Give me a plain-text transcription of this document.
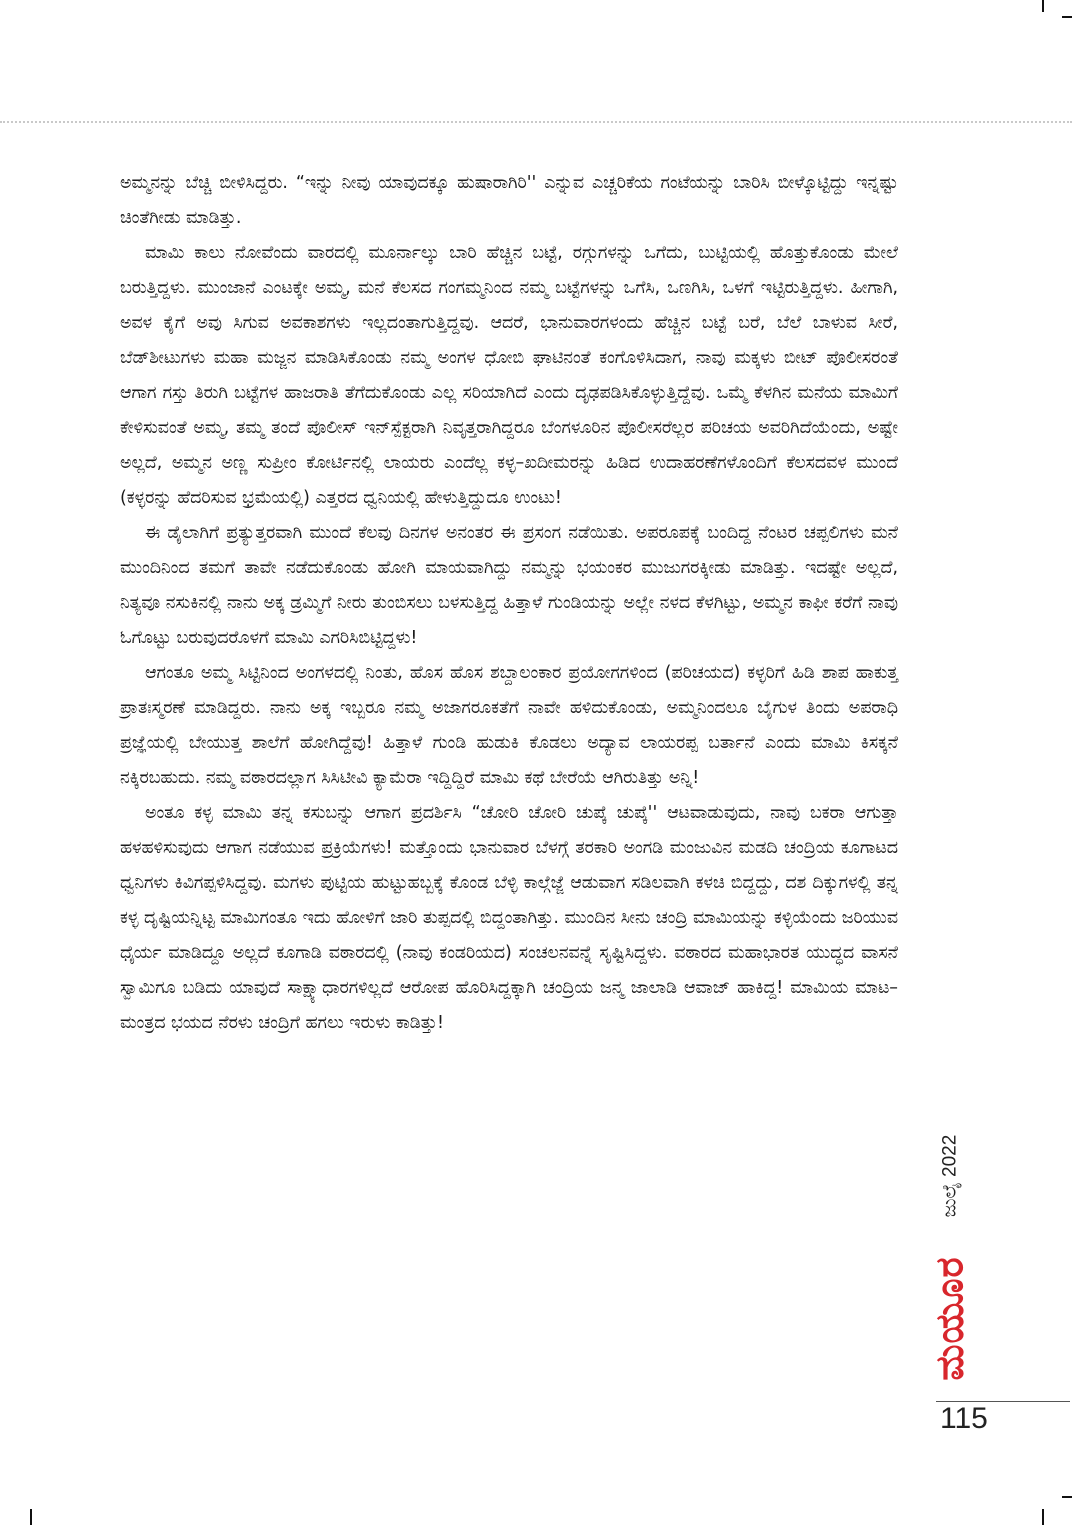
ಅಮ್ಮನನ್ನು ಬೆಚ್ಚಿ ಬೀಳಿಸಿದ್ದರು. “ಇನ್ನು ನೀವು ಯಾವುದಕ್ಕೂ ಹುಷಾರಾಗಿರಿ'' ಎನ್ನುವ ಎಚ್ಚರಿಕೆಯ ಗಂಟೆಯನ್ನು ಬಾರಿಸಿ ಬೀಳ್ಕೊಟ್ಟಿದ್ದು ಇನ್ನಷ್ಟು ಚಿಂತೆಗೀಡು ಮಾಡಿತ್ತು.

ಮಾಮಿ ಕಾಲು ನೋವೆಂದು ವಾರದಲ್ಲಿ ಮೂರ್ನಾಲ್ಕು ಬಾರಿ ಹೆಚ್ಚಿನ ಬಟ್ಟೆ, ರಗ್ಗುಗಳನ್ನು ಒಗೆದು, ಬುಟ್ಟಿಯಲ್ಲಿ ಹೊತ್ತುಕೊಂಡು ಮೇಲೆ ಬರುತ್ತಿದ್ದಳು. ಮುಂಜಾನೆ ಎಂಟಕ್ಕೇ ಅಮ್ಮ, ಮನೆ ಕೆಲಸದ ಗಂಗಮ್ಮನಿಂದ ನಮ್ಮ ಬಟ್ಟೆಗಳನ್ನು ಒಗೆಸಿ, ಒಣಗಿಸಿ, ಒಳಗೆ ಇಟ್ಟಿರುತ್ತಿದ್ದಳು. ಹೀಗಾಗಿ, ಅವಳ ಕೈಗೆ ಅವು ಸಿಗುವ ಅವಕಾಶಗಳು ಇಲ್ಲದಂತಾಗುತ್ತಿದ್ದವು. ಆದರೆ, ಭಾನುವಾರಗಳಂದು ಹೆಚ್ಚಿನ ಬಟ್ಟೆ ಬರೆ, ಬೆಲೆ ಬಾಳುವ ಸೀರೆ, ಬೆಡ್‌ಶೀಟುಗಳು ಮಹಾ ಮಜ್ಜನ ಮಾಡಿಸಿಕೊಂಡು ನಮ್ಮ ಅಂಗಳ ಧೋಬಿ ಘಾಟಿನಂತೆ ಕಂಗೊಳಿಸಿದಾಗ, ನಾವು ಮಕ್ಕಳು ಬೀಟ್ ಪೊಲೀಸರಂತೆ ಆಗಾಗ ಗಸ್ತು ತಿರುಗಿ ಬಟ್ಟೆಗಳ ಹಾಜರಾತಿ ತೆಗೆದುಕೊಂಡು ಎಲ್ಲ ಸರಿಯಾಗಿದೆ ಎಂದು ದೃಢಪಡಿಸಿಕೊಳ್ಳುತ್ತಿದ್ದೆವು. ಒಮ್ಮೆ ಕೆಳಗಿನ ಮನೆಯ ಮಾಮಿಗೆ ಕೇಳಿಸುವಂತೆ ಅಮ್ಮ, ತಮ್ಮ ತಂದೆ ಪೊಲೀಸ್ ಇನ್‌ಸ್ಪೆಕ್ಟರಾಗಿ ನಿವೃತ್ತರಾಗಿದ್ದರೂ ಬೆಂಗಳೂರಿನ ಪೊಲೀಸರೆಲ್ಲರ ಪರಿಚಯ ಅವರಿಗಿದೆಯೆಂದು, ಅಷ್ಟೇ ಅಲ್ಲದೆ, ಅಮ್ಮನ ಅಣ್ಣ ಸುಪ್ರೀಂ ಕೋರ್ಟಿನಲ್ಲಿ ಲಾಯರು ಎಂದೆಲ್ಲ ಕಳ್ಳ–ಖದೀಮರನ್ನು ಹಿಡಿದ ಉದಾಹರಣೆಗಳೊಂದಿಗೆ ಕೆಲಸದವಳ ಮುಂದೆ (ಕಳ್ಳರನ್ನು ಹೆದರಿಸುವ ಭ್ರಮೆಯಲ್ಲಿ) ಎತ್ತರದ ಧ್ವನಿಯಲ್ಲಿ ಹೇಳುತ್ತಿದ್ದುದೂ ಉಂಟು!

ಈ ಡೈಲಾಗಿಗೆ ಪ್ರತ್ಯುತ್ತರವಾಗಿ ಮುಂದೆ ಕೆಲವು ದಿನಗಳ ಅನಂತರ ಈ ಪ್ರಸಂಗ ನಡೆಯಿತು. ಅಪರೂಪಕ್ಕೆ ಬಂದಿದ್ದ ನೆಂಟರ ಚಪ್ಪಲಿಗಳು ಮನೆ ಮುಂದಿನಿಂದ ತಮಗೆ ತಾವೇ ನಡೆದುಕೊಂಡು ಹೋಗಿ ಮಾಯವಾಗಿದ್ದು ನಮ್ಮನ್ನು ಭಯಂಕರ ಮುಜುಗರಕ್ಕೀಡು ಮಾಡಿತ್ತು. ಇದಷ್ಟೇ ಅಲ್ಲದೆ, ನಿತ್ಯವೂ ನಸುಕಿನಲ್ಲಿ ನಾನು ಅಕ್ಕ ಡ್ರಮ್ಮಿಗೆ ನೀರು ತುಂಬಿಸಲು ಬಳಸುತ್ತಿದ್ದ ಹಿತ್ತಾಳೆ ಗುಂಡಿಯನ್ನು ಅಲ್ಲೇ ನಳದ ಕೆಳಗಿಟ್ಟು, ಅಮ್ಮನ ಕಾಫೀ ಕರೆಗೆ ನಾವು ಓಗೊಟ್ಟು ಬರುವುದರೊಳಗೆ ಮಾಮಿ ಎಗರಿಸಿಬಿಟ್ಟಿದ್ದಳು!

ಆಗಂತೂ ಅಮ್ಮ ಸಿಟ್ಟಿನಿಂದ ಅಂಗಳದಲ್ಲಿ ನಿಂತು, ಹೊಸ ಹೊಸ ಶಬ್ದಾಲಂಕಾರ ಪ್ರಯೋಗಗಳಿಂದ (ಪರಿಚಯದ) ಕಳ್ಳರಿಗೆ ಹಿಡಿ ಶಾಪ ಹಾಕುತ್ತ ಪ್ರಾತಃಸ್ಮರಣೆ ಮಾಡಿದ್ದರು. ನಾನು ಅಕ್ಕ ಇಬ್ಬರೂ ನಮ್ಮ ಅಜಾಗರೂಕತೆಗೆ ನಾವೇ ಹಳಿದುಕೊಂಡು, ಅಮ್ಮನಿಂದಲೂ ಬೈಗುಳ ತಿಂದು ಅಪರಾಧಿ ಪ್ರಜ್ಞೆಯಲ್ಲಿ ಬೇಯುತ್ತ ಶಾಲೆಗೆ ಹೋಗಿದ್ದೆವು! ಹಿತ್ತಾಳೆ ಗುಂಡಿ ಹುಡುಕಿ ಕೊಡಲು ಅದ್ಯಾವ ಲಾಯರಪ್ಪ ಬರ್ತಾನೆ ಎಂದು ಮಾಮಿ ಕಿಸಕ್ಕನೆ ನಕ್ಕಿರಬಹುದು. ನಮ್ಮ ವಠಾರದಲ್ಲಾಗ ಸಿಸಿಟೀವಿ ಕ್ಯಾಮೆರಾ ಇದ್ದಿದ್ದಿರೆ ಮಾಮಿ ಕಥೆ ಬೇರೆಯೆ ಆಗಿರುತಿತ್ತು ಅನ್ನಿ!

ಅಂತೂ ಕಳ್ಳ ಮಾಮಿ ತನ್ನ ಕಸುಬನ್ನು ಆಗಾಗ ಪ್ರದರ್ಶಿಸಿ “ಚೋರಿ ಚೋರಿ ಚುಪ್ಕೆ ಚುಪ್ಕೆ'' ಆಟವಾಡುವುದು, ನಾವು ಬಕರಾ ಆಗುತ್ತಾ ಹಳಹಳಿಸುವುದು ಆಗಾಗ ನಡೆಯುವ ಪ್ರಕ್ರಿಯೆಗಳು! ಮತ್ತೊಂದು ಭಾನುವಾರ ಬೆಳಗ್ಗೆ ತರಕಾರಿ ಅಂಗಡಿ ಮಂಜುವಿನ ಮಡದಿ ಚಂದ್ರಿಯ ಕೂಗಾಟದ ಧ್ವನಿಗಳು ಕಿವಿಗಪ್ಪಳಿಸಿದ್ದವು. ಮಗಳು ಪುಟ್ಟಿಯ ಹುಟ್ಟುಹಬ್ಬಕ್ಕೆ ಕೊಂಡ ಬೆಳ್ಳಿ ಕಾಲ್ಗೆಜ್ಜೆ ಆಡುವಾಗ ಸಡಿಲವಾಗಿ ಕಳಚಿ ಬಿದ್ದದ್ದು, ದಶ ದಿಕ್ಕುಗಳಲ್ಲಿ ತನ್ನ ಕಳ್ಳ ದೃಷ್ಟಿಯನ್ನಿಟ್ಟ ಮಾಮಿಗಂತೂ ಇದು ಹೋಳಿಗೆ ಜಾರಿ ತುಪ್ಪದಲ್ಲಿ ಬಿದ್ದಂತಾಗಿತ್ತು. ಮುಂದಿನ ಸೀನು ಚಂದ್ರಿ ಮಾಮಿಯನ್ನು ಕಳ್ಳಿಯೆಂದು ಜರಿಯುವ ಧೈರ್ಯ ಮಾಡಿದ್ದೂ ಅಲ್ಲದೆ ಕೂಗಾಡಿ ವಠಾರದಲ್ಲಿ (ನಾವು ಕಂಡರಿಯದ) ಸಂಚಲನವನ್ನೆ ಸೃಷ್ಟಿಸಿದ್ದಳು. ವಠಾರದ ಮಹಾಭಾರತ ಯುದ್ಧದ ವಾಸನೆ ಸ್ವಾಮಿಗೂ ಬಡಿದು ಯಾವುದೆ ಸಾಕ್ಷ್ಯಾಧಾರಗಳಿಲ್ಲದೆ ಆರೋಪ ಹೊರಿಸಿದ್ದಕ್ಕಾಗಿ ಚಂದ್ರಿಯ ಜನ್ಮ ಜಾಲಾಡಿ ಆವಾಜ್ ಹಾಕಿದ್ದ! ಮಾಮಿಯ ಮಾಟ–ಮಂತ್ರದ ಭಯದ ನೆರಳು ಚಂದ್ರಿಗೆ ಹಗಲು ಇರುಳು ಕಾಡಿತ್ತು!

ಜುಲೈ 2022
ಮಯೂರ
115
